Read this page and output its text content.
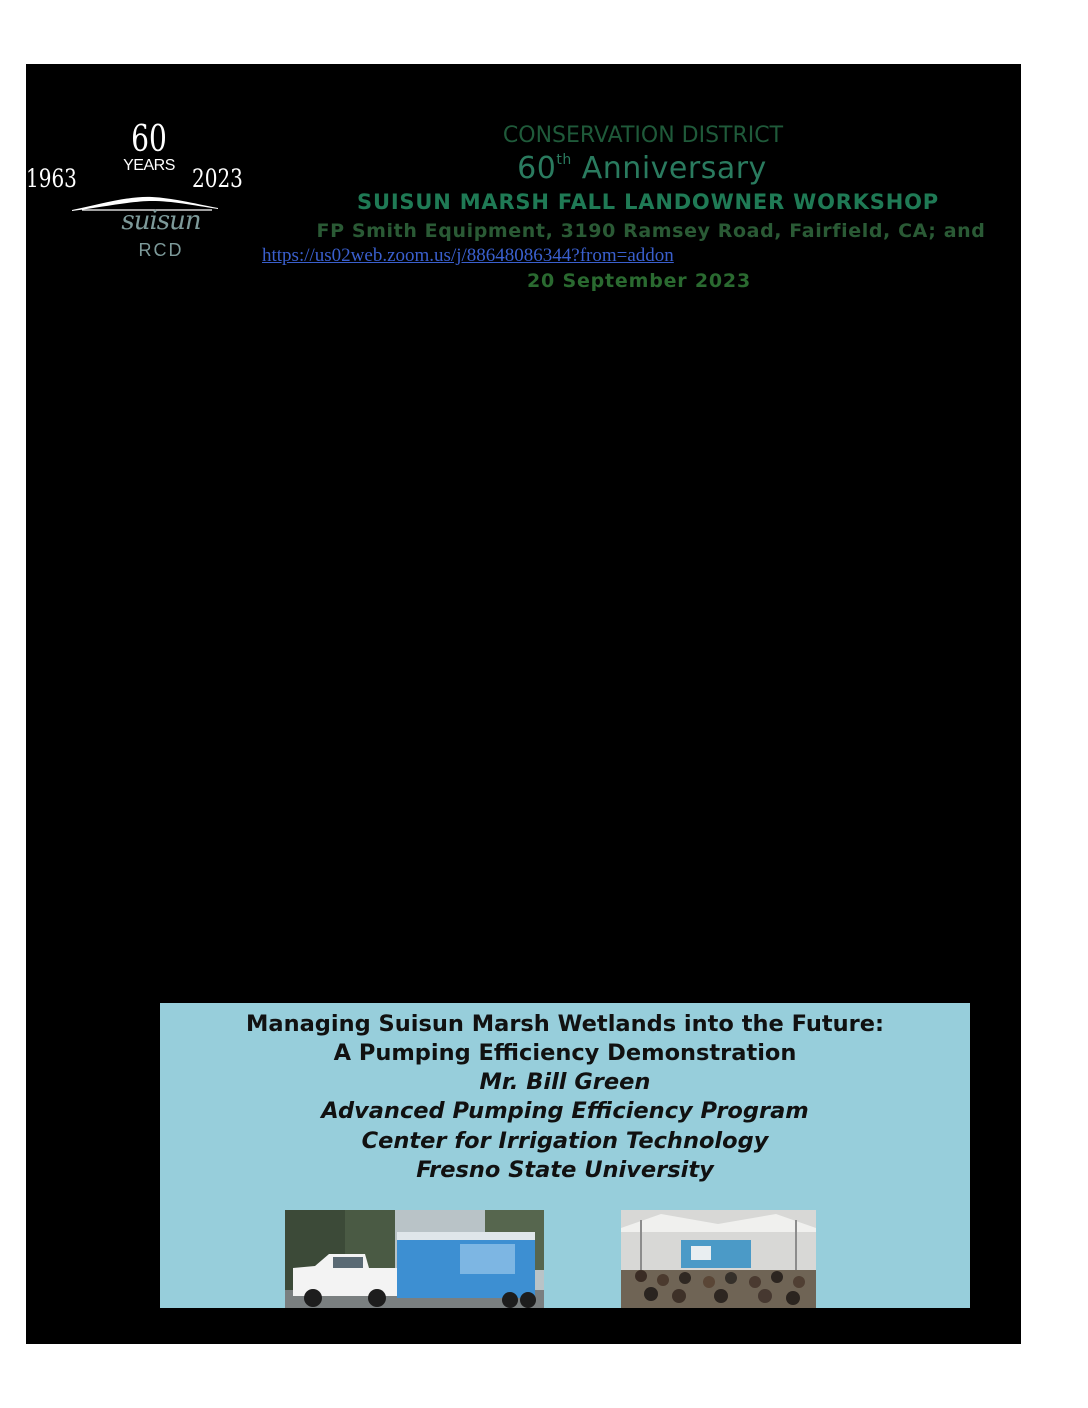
60
YEARS
1963	2023
suisun
RCD
CONSERVATION DISTRICT
60th Anniversary
SUISUN MARSH FALL LANDOWNER WORKSHOP
FP Smith Equipment, 3190 Ramsey Road, Fairfield, CA; and
https://us02web.zoom.us/j/88648086344?from=addon
20 September 2023
Managing Suisun Marsh Wetlands into the Future:
A Pumping Efficiency Demonstration
Mr. Bill Green
Advanced Pumping Efficiency Program
Center for Irrigation Technology
Fresno State University
